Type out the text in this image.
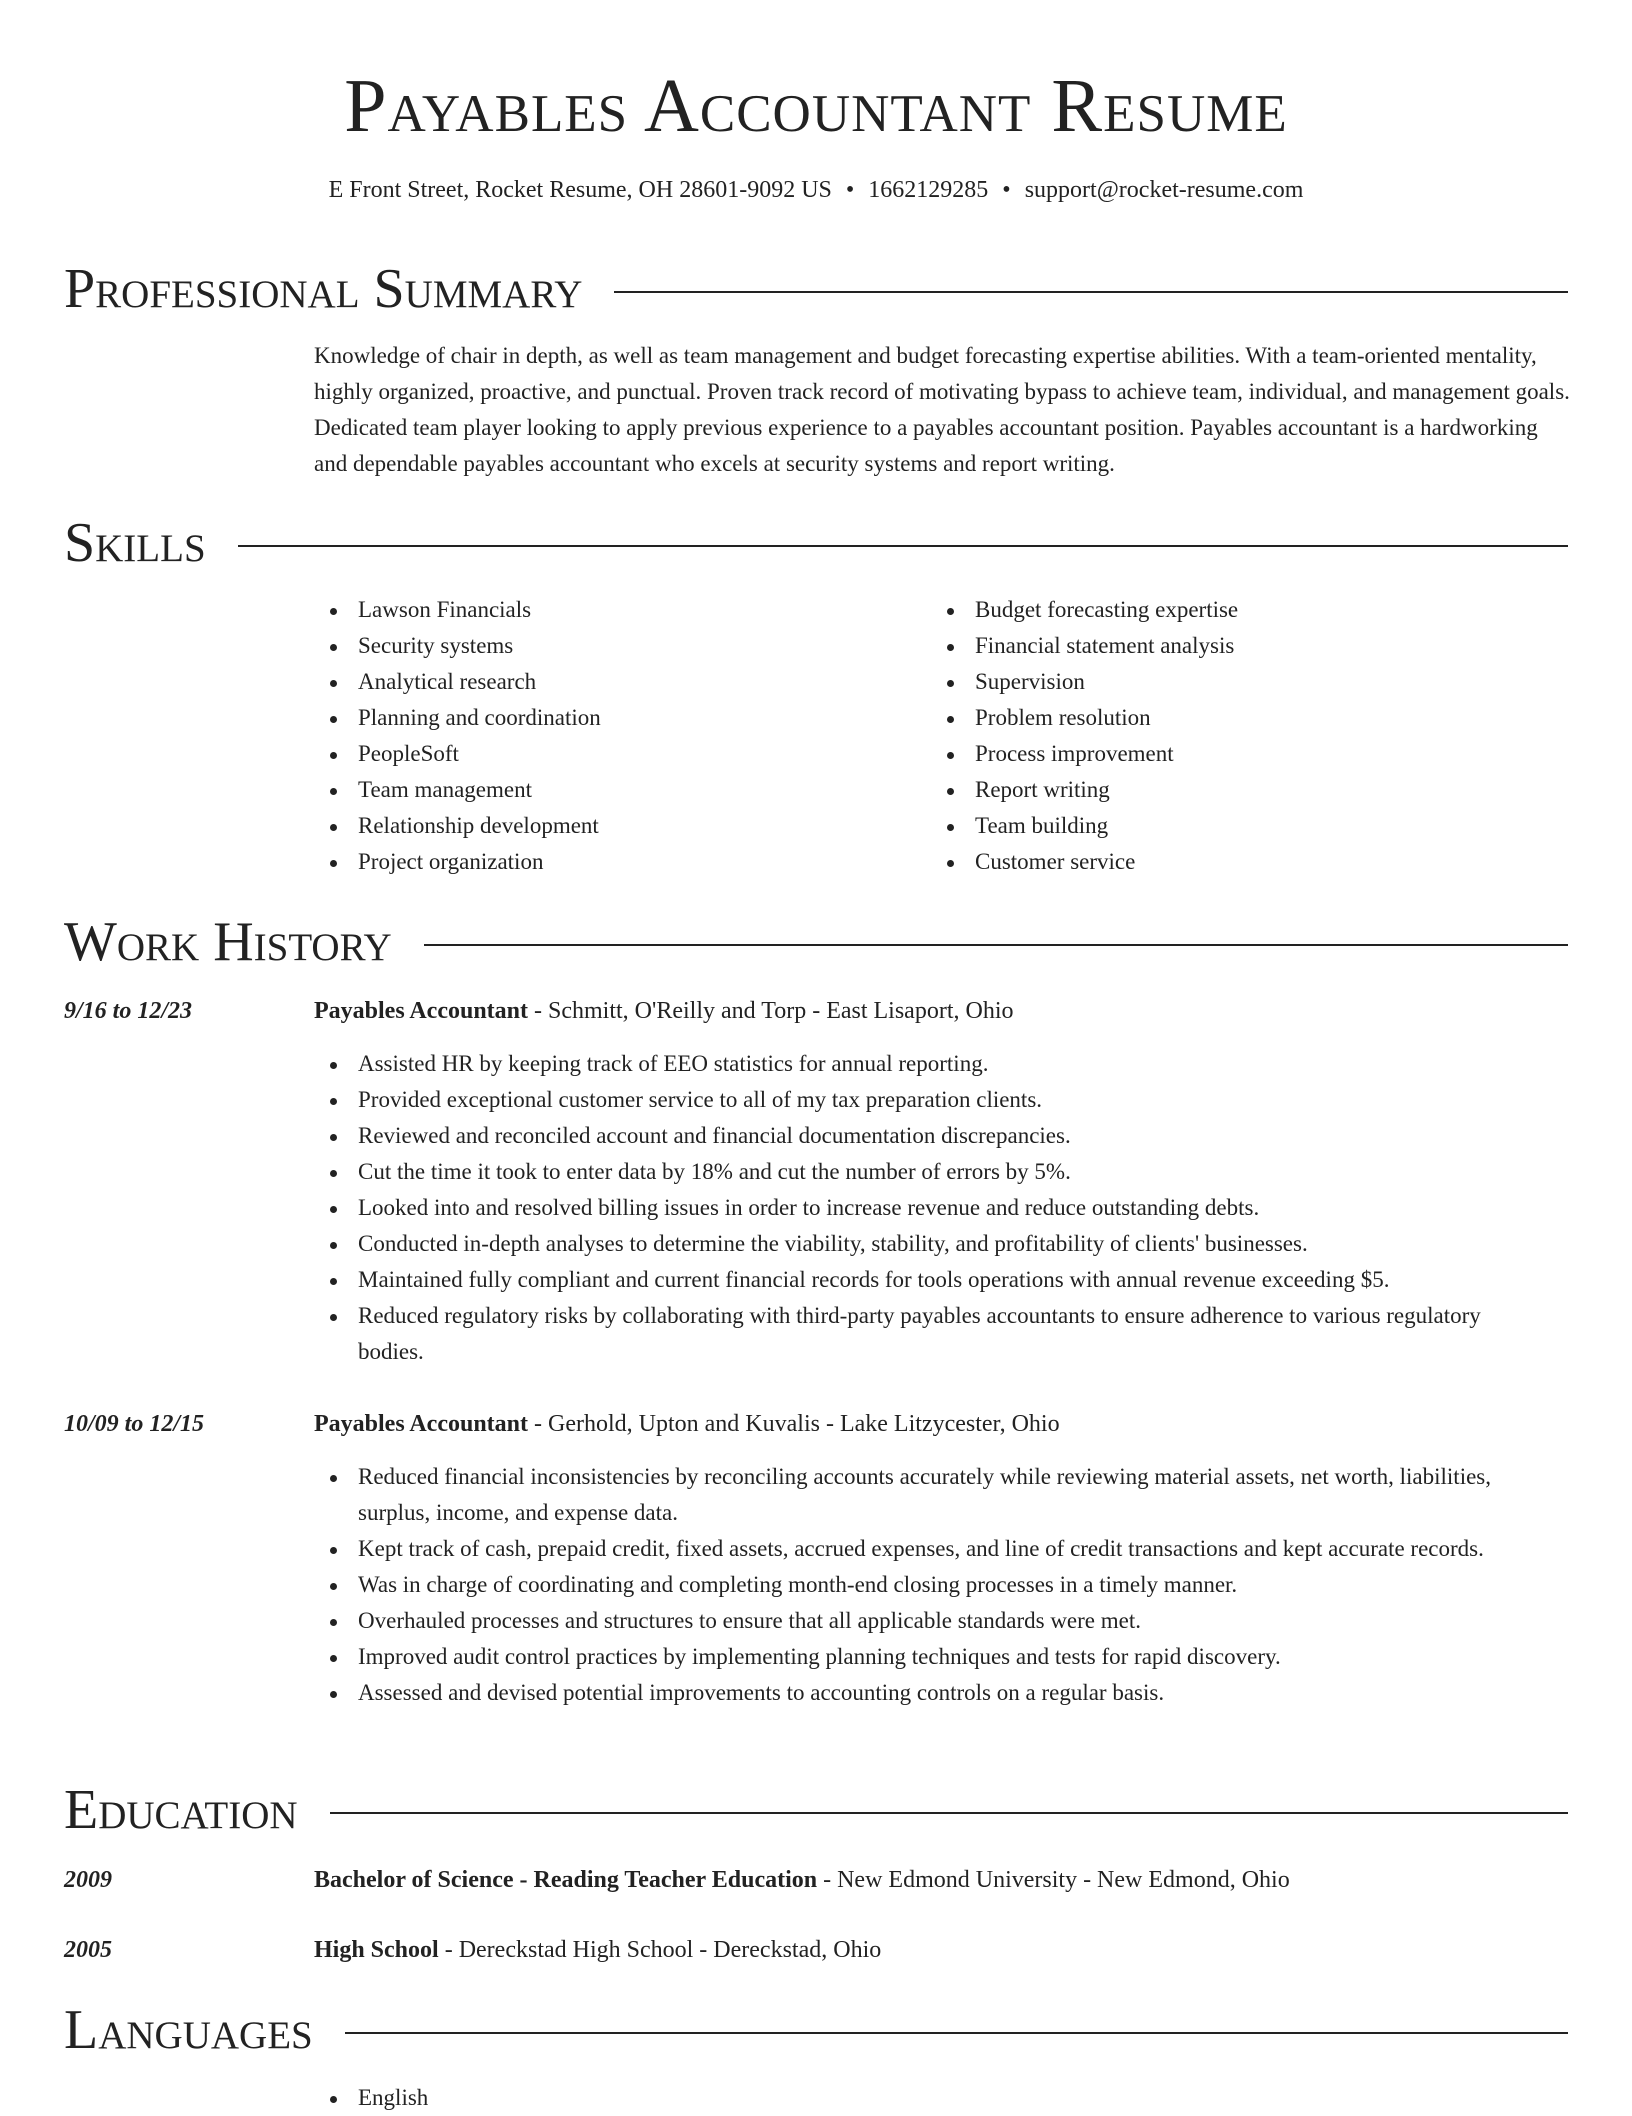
Payables Accountant Resume
E Front Street, Rocket Resume, OH 28601-9092 US • 1662129285 • support@rocket-resume.com
Professional Summary
Knowledge of chair in depth, as well as team management and budget forecasting expertise abilities. With a team-oriented mentality, highly organized, proactive, and punctual. Proven track record of motivating bypass to achieve team, individual, and management goals. Dedicated team player looking to apply previous experience to a payables accountant position. Payables accountant is a hardworking and dependable payables accountant who excels at security systems and report writing.
Skills
Lawson Financials
Security systems
Analytical research
Planning and coordination
PeopleSoft
Team management
Relationship development
Project organization
Budget forecasting expertise
Financial statement analysis
Supervision
Problem resolution
Process improvement
Report writing
Team building
Customer service
Work History
9/16 to 12/23	Payables Accountant - Schmitt, O'Reilly and Torp - East Lisaport, Ohio
Assisted HR by keeping track of EEO statistics for annual reporting.
Provided exceptional customer service to all of my tax preparation clients.
Reviewed and reconciled account and financial documentation discrepancies.
Cut the time it took to enter data by 18% and cut the number of errors by 5%.
Looked into and resolved billing issues in order to increase revenue and reduce outstanding debts.
Conducted in-depth analyses to determine the viability, stability, and profitability of clients' businesses.
Maintained fully compliant and current financial records for tools operations with annual revenue exceeding $5.
Reduced regulatory risks by collaborating with third-party payables accountants to ensure adherence to various regulatory bodies.
10/09 to 12/15	Payables Accountant - Gerhold, Upton and Kuvalis - Lake Litzycester, Ohio
Reduced financial inconsistencies by reconciling accounts accurately while reviewing material assets, net worth, liabilities, surplus, income, and expense data.
Kept track of cash, prepaid credit, fixed assets, accrued expenses, and line of credit transactions and kept accurate records.
Was in charge of coordinating and completing month-end closing processes in a timely manner.
Overhauled processes and structures to ensure that all applicable standards were met.
Improved audit control practices by implementing planning techniques and tests for rapid discovery.
Assessed and devised potential improvements to accounting controls on a regular basis.
Education
2009	Bachelor of Science - Reading Teacher Education - New Edmond University - New Edmond, Ohio
2005	High School - Dereckstad High School - Dereckstad, Ohio
Languages
English
